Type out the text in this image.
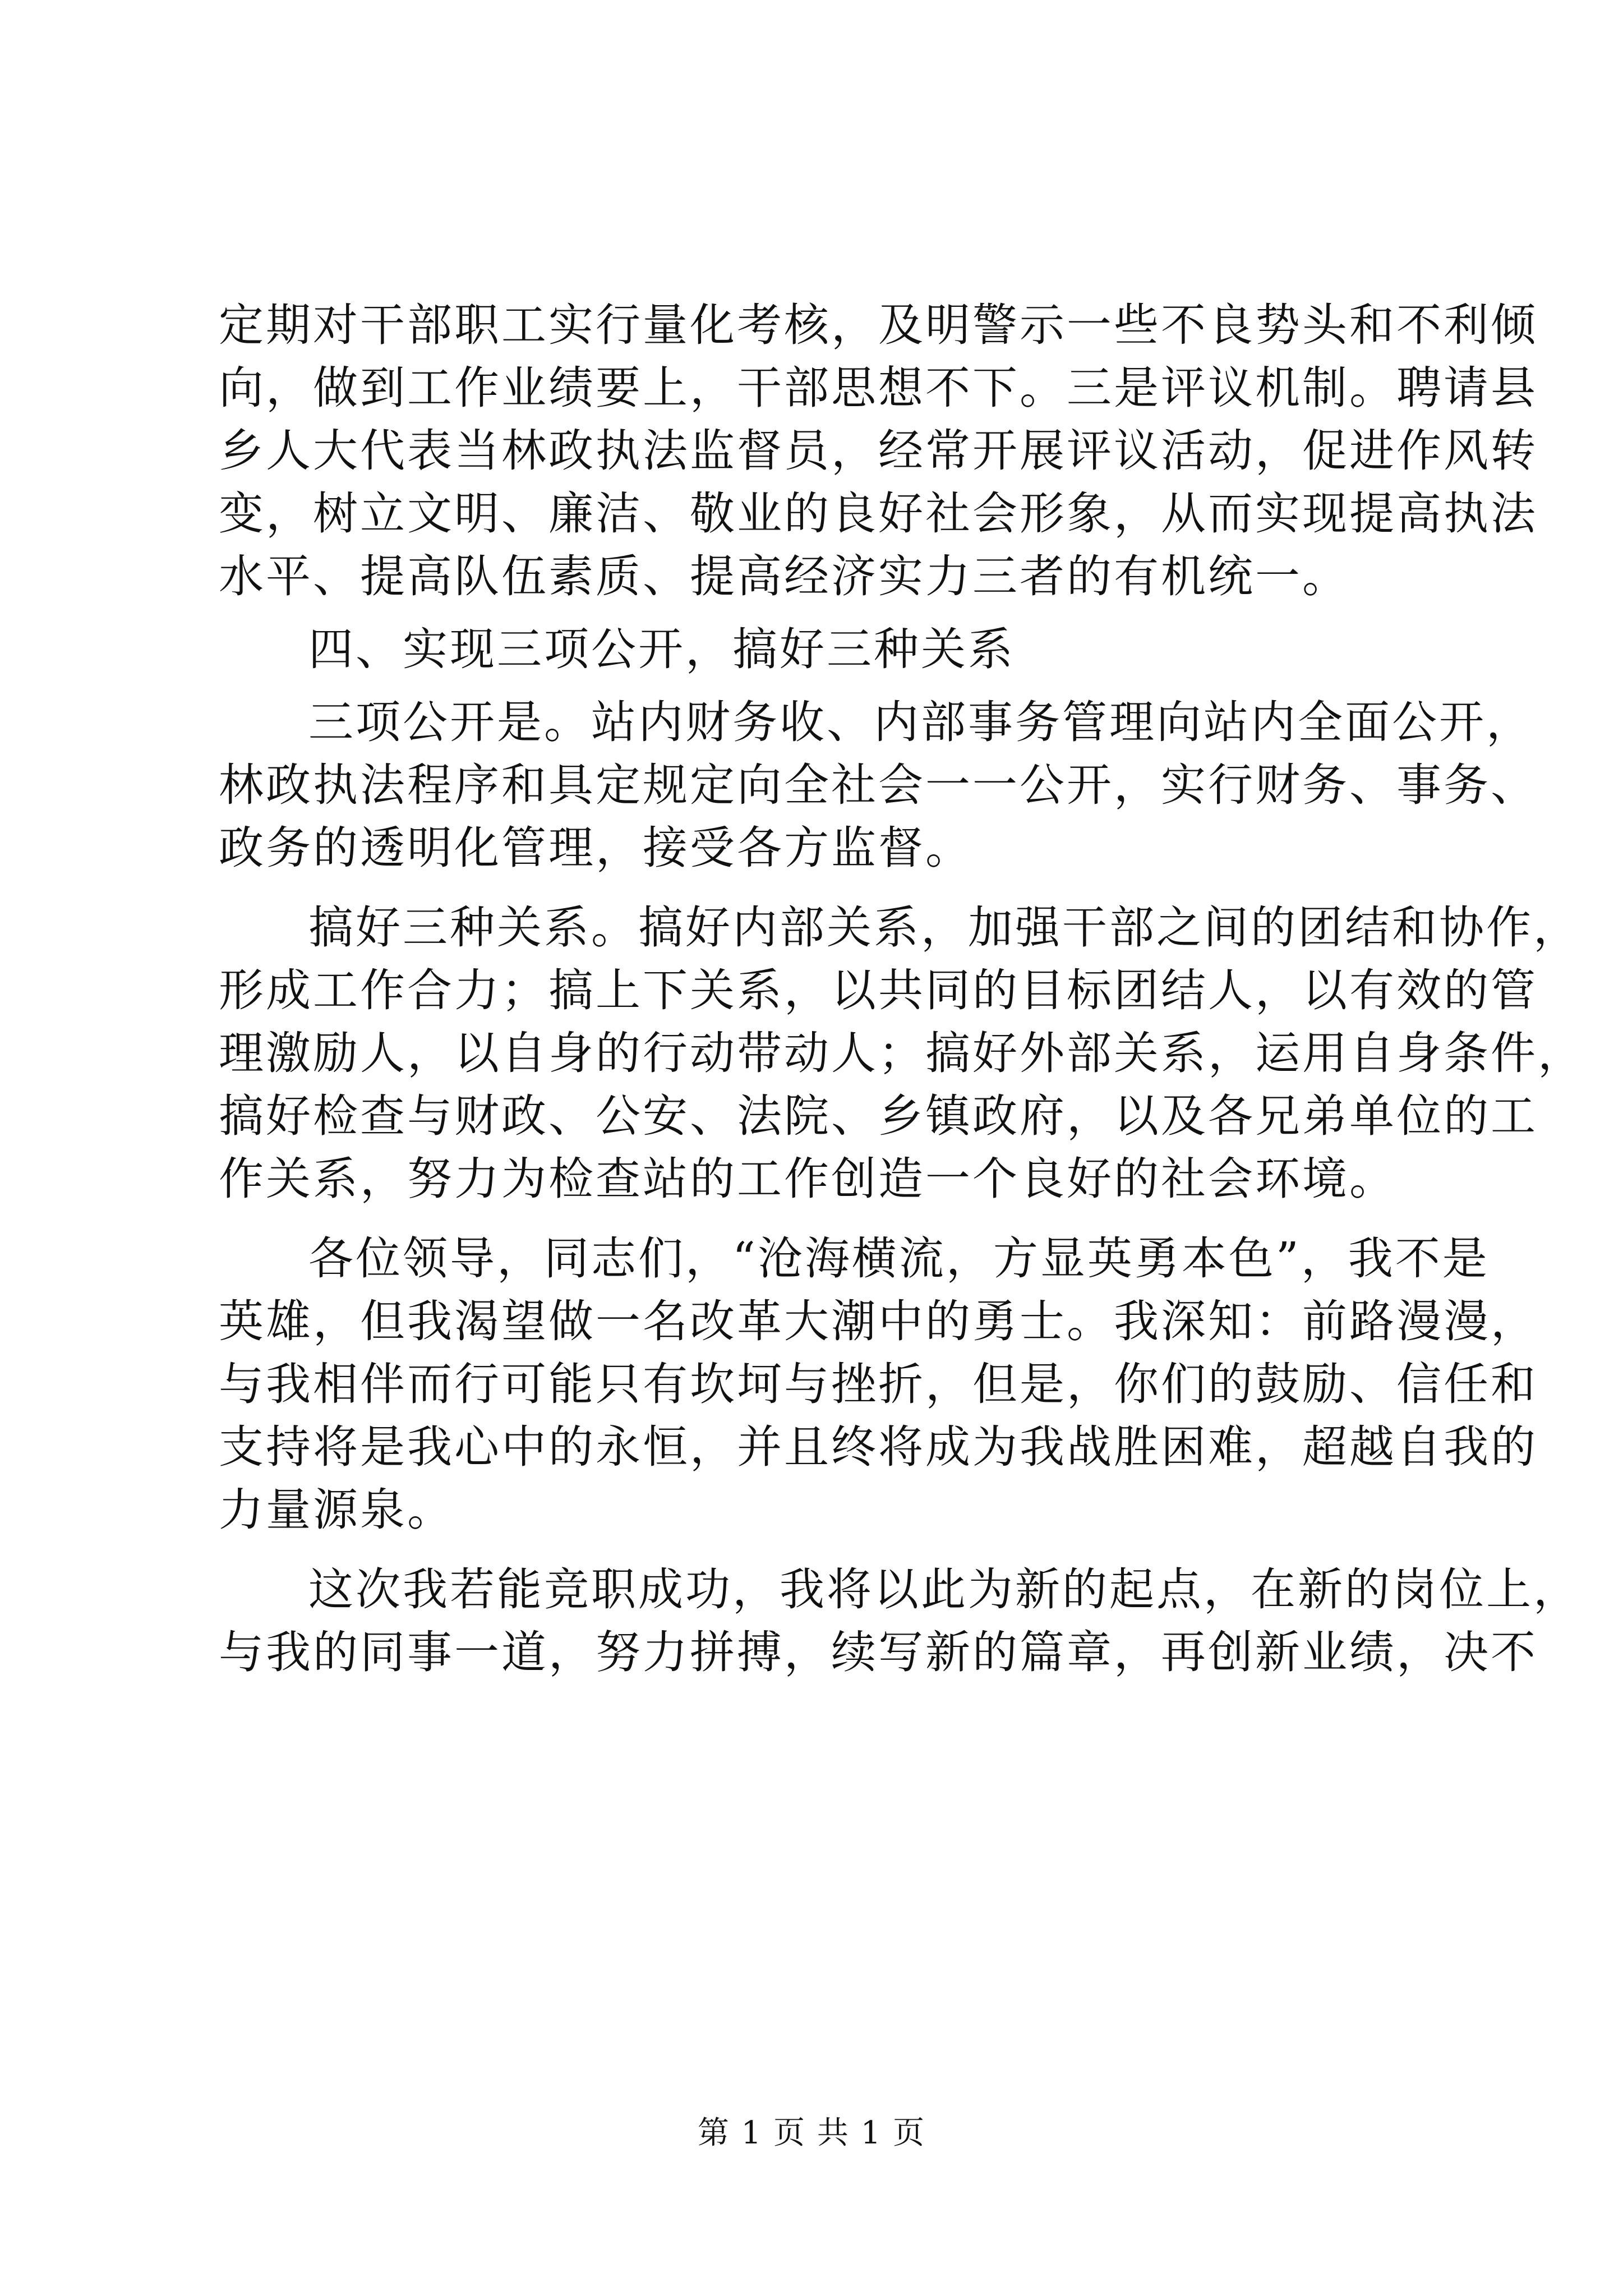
定期对干部职工实行量化考核，及明警示一些不良势头和不利倾
向，做到工作业绩要上，干部思想不下。三是评议机制。聘请县
乡人大代表当林政执法监督员，经常开展评议活动，促进作风转
变，树立文明、廉洁、敬业的良好社会形象，从而实现提高执法
水平、提高队伍素质、提高经济实力三者的有机统一。
四、实现三项公开，搞好三种关系
三项公开是。站内财务收、内部事务管理向站内全面公开，
林政执法程序和具定规定向全社会一一公开，实行财务、事务、
政务的透明化管理，接受各方监督。
搞好三种关系。搞好内部关系，加强干部之间的团结和协作，
形成工作合力；搞上下关系，以共同的目标团结人，以有效的管
理激励人，以自身的行动带动人；搞好外部关系，运用自身条件，
搞好检查与财政、公安、法院、乡镇政府，以及各兄弟单位的工
作关系，努力为检查站的工作创造一个良好的社会环境。
各位领导，同志们，“沧海横流，方显英勇本色”，我不是
英雄，但我渴望做一名改革大潮中的勇士。我深知：前路漫漫，
与我相伴而行可能只有坎坷与挫折，但是，你们的鼓励、信任和
支持将是我心中的永恒，并且终将成为我战胜困难，超越自我的
力量源泉。
这次我若能竞职成功，我将以此为新的起点，在新的岗位上，
与我的同事一道，努力拼搏，续写新的篇章，再创新业绩，决不
第 1 页 共 1 页
